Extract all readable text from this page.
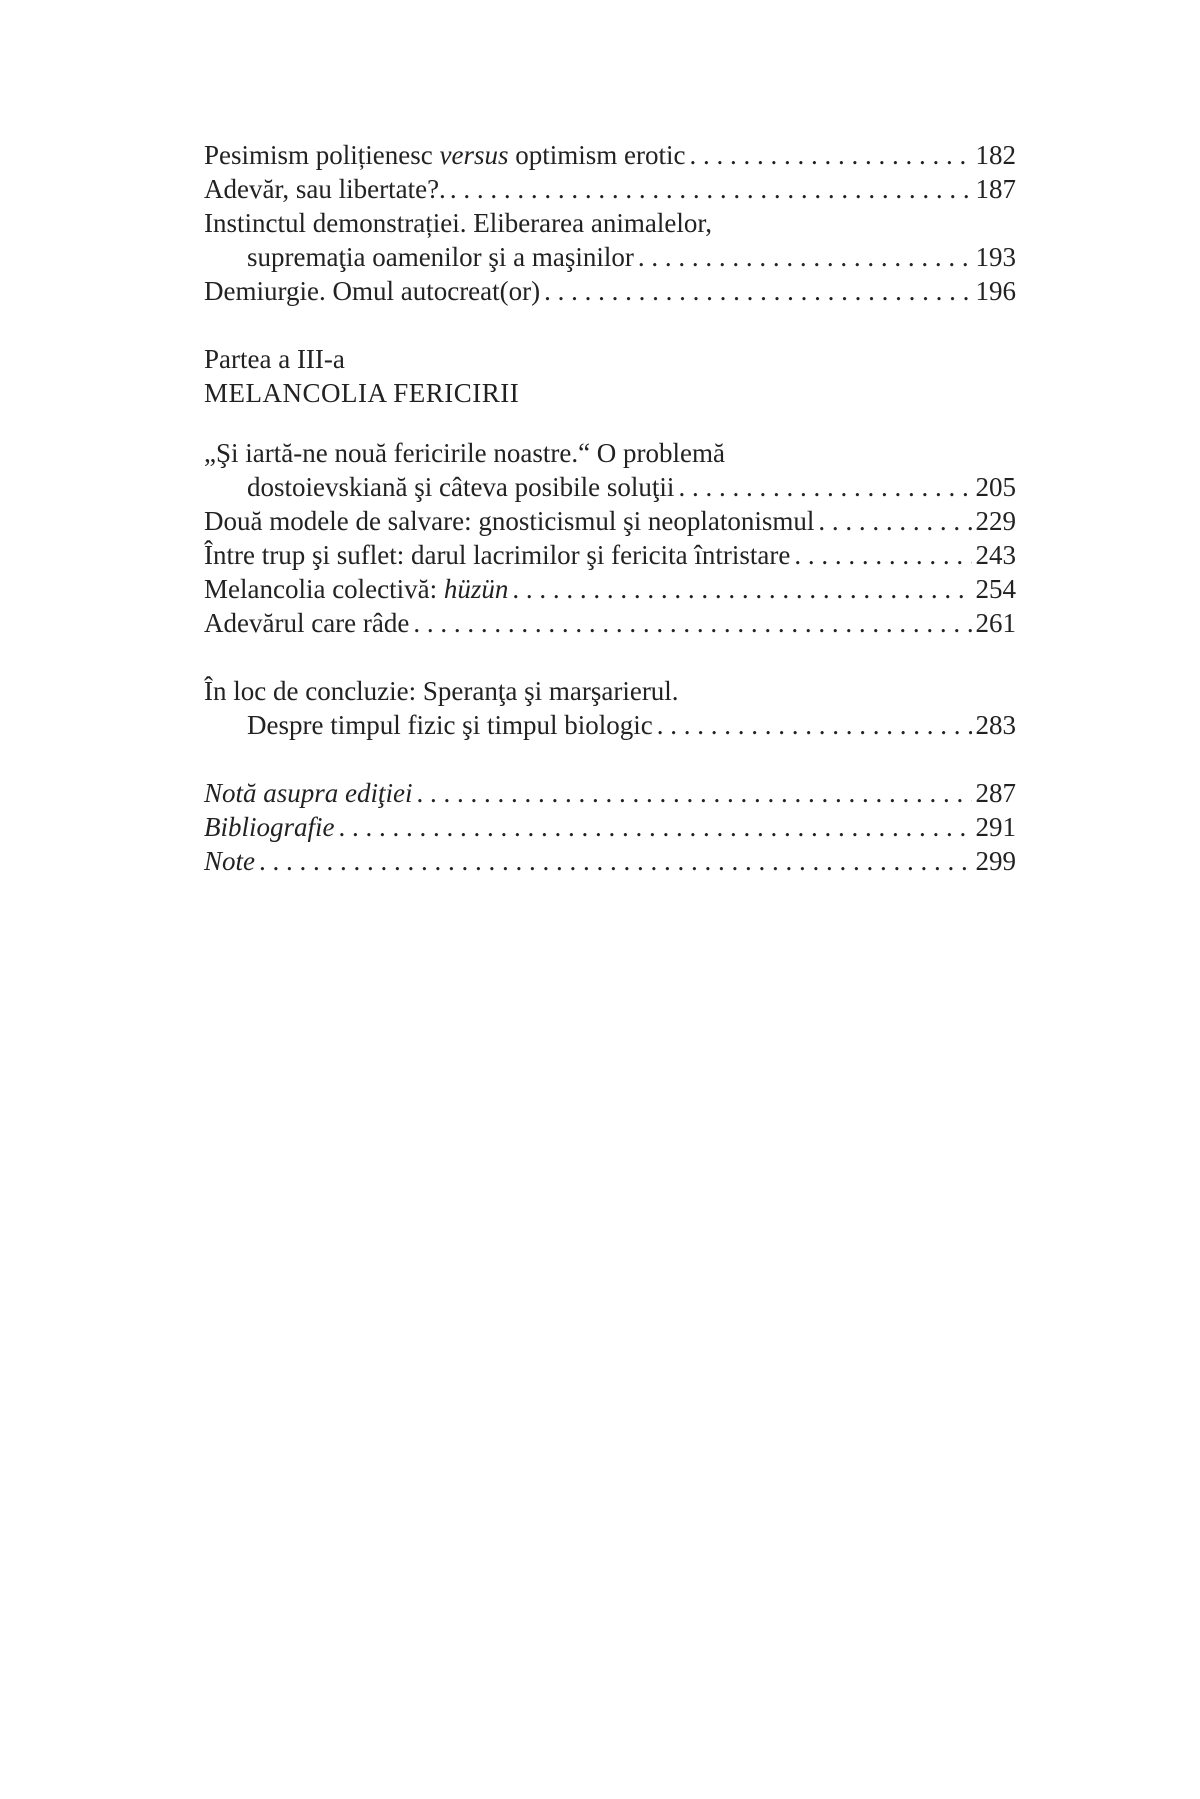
Pesimism polițienesc versus optimism erotic . . .	182
Adevăr, sau libertate?. . . .	187
Instinctul demonstrației. Eliberarea animalelor,
supremaţia oamenilor şi a maşinilor . . .	193
Demiurgie. Omul autocreat(or) . . .	196
Partea a III-a
MELANCOLIA FERICIRII
„Şi iartă-ne nouă fericirile noastre.“ O problemă
dostoievskiană şi câteva posibile soluţii . . .	205
Două modele de salvare: gnosticismul şi neoplatonismul . . .	229
Între trup şi suflet: darul lacrimilor şi fericita întristare . . .	243
Melancolia colectivă: hüzün . . .	254
Adevărul care râde . . .	261
În loc de concluzie: Speranţa şi marşarierul.
Despre timpul fizic şi timpul biologic . . .	283
Notă asupra ediţiei . . .	287
Bibliografie . . .	291
Note . . .	299
